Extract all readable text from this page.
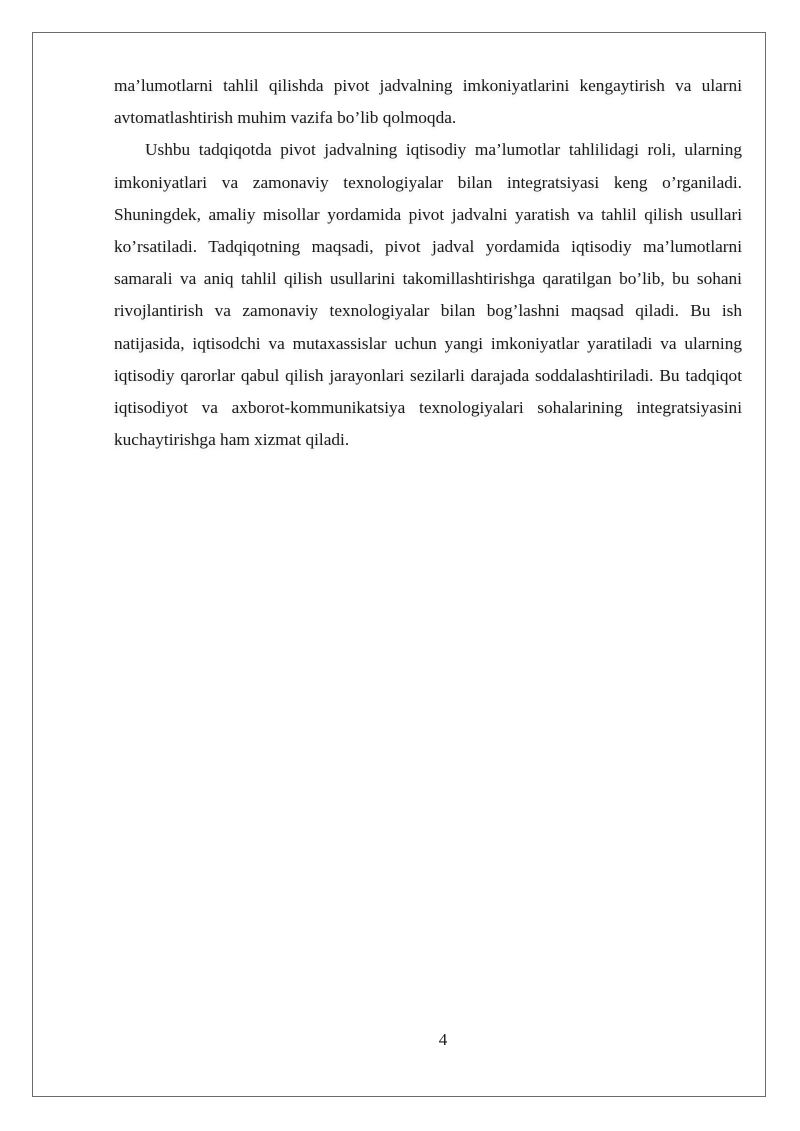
ma’lumotlarni tahlil qilishda pivot jadvalning imkoniyatlarini kengaytirish va ularni avtomatlashtirish muhim vazifa bo’lib qolmoqda.

Ushbu tadqiqotda pivot jadvalning iqtisodiy ma’lumotlar tahlilidagi roli, ularning imkoniyatlari va zamonaviy texnologiyalar bilan integratsiyasi keng o’rganiladi. Shuningdek, amaliy misollar yordamida pivot jadvalni yaratish va tahlil qilish usullari ko’rsatiladi. Tadqiqotning maqsadi, pivot jadval yordamida iqtisodiy ma’lumotlarni samarali va aniq tahlil qilish usullarini takomillashtirishga qaratilgan bo’lib, bu sohani rivojlantirish va zamonaviy texnologiyalar bilan bog’lashni maqsad qiladi. Bu ish natijasida, iqtisodchi va mutaxassislar uchun yangi imkoniyatlar yaratiladi va ularning iqtisodiy qarorlar qabul qilish jarayonlari sezilarli darajada soddalashtiriladi. Bu tadqiqot iqtisodiyot va axborot-kommunikatsiya texnologiyalari sohalarining integratsiyasini kuchaytirishga ham xizmat qiladi.

4
